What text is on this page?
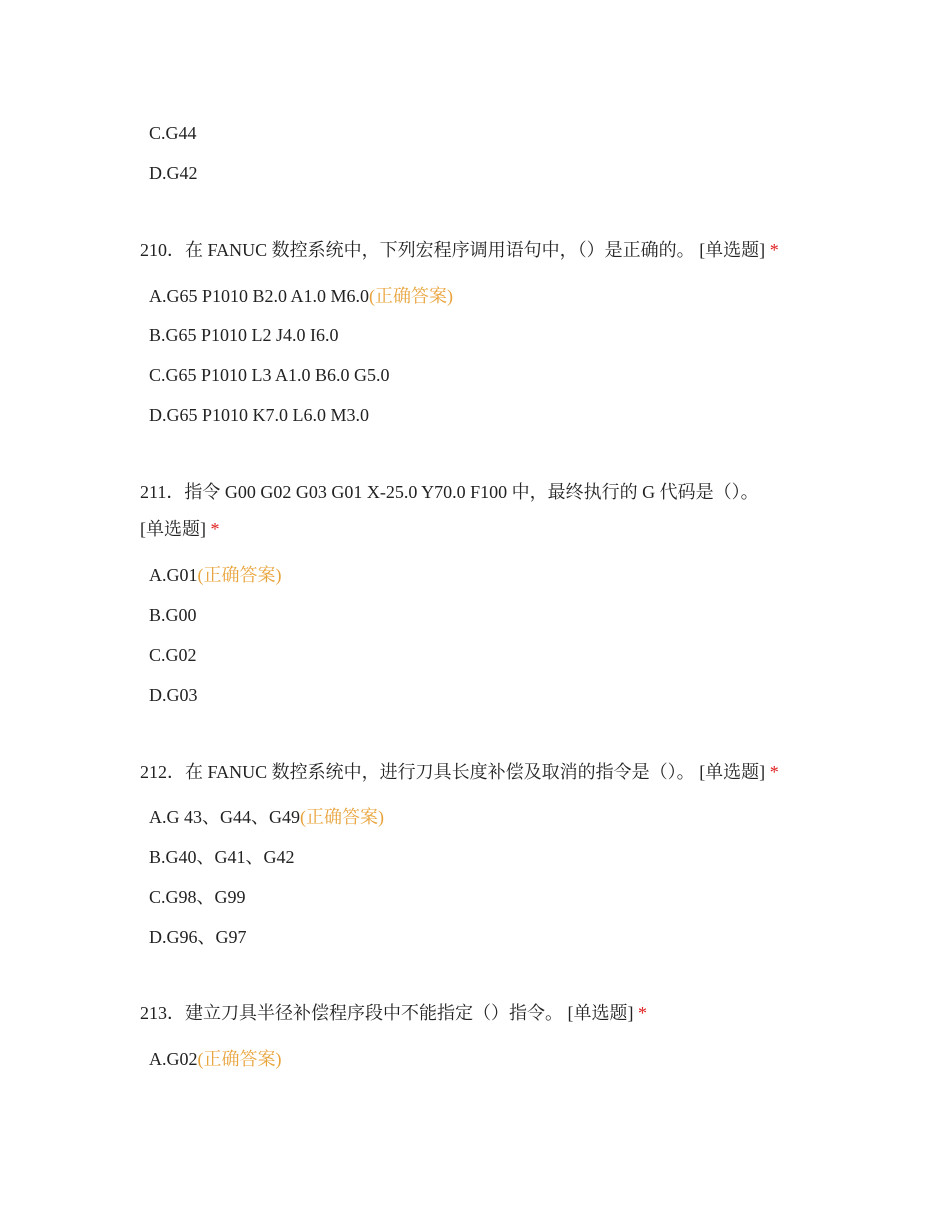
C.G44
D.G42
210．在 FANUC 数控系统中，下列宏程序调用语句中，（）是正确的。 [单选题] *
A.G65 P1010 B2.0 A1.0 M6.0(正确答案)
B.G65 P1010 L2 J4.0 I6.0
C.G65 P1010 L3 A1.0 B6.0 G5.0
D.G65 P1010 K7.0 L6.0 M3.0
211．指令 G00 G02 G03 G01 X-25.0 Y70.0 F100 中，最终执行的 G 代码是（）。
[单选题] *
A.G01(正确答案)
B.G00
C.G02
D.G03
212．在 FANUC 数控系统中，进行刀具长度补偿及取消的指令是（）。 [单选题] *
A.G 43、G44、G49(正确答案)
B.G40、G41、G42
C.G98、G99
D.G96、G97
213．建立刀具半径补偿程序段中不能指定（）指令。 [单选题] *
A.G02(正确答案)
